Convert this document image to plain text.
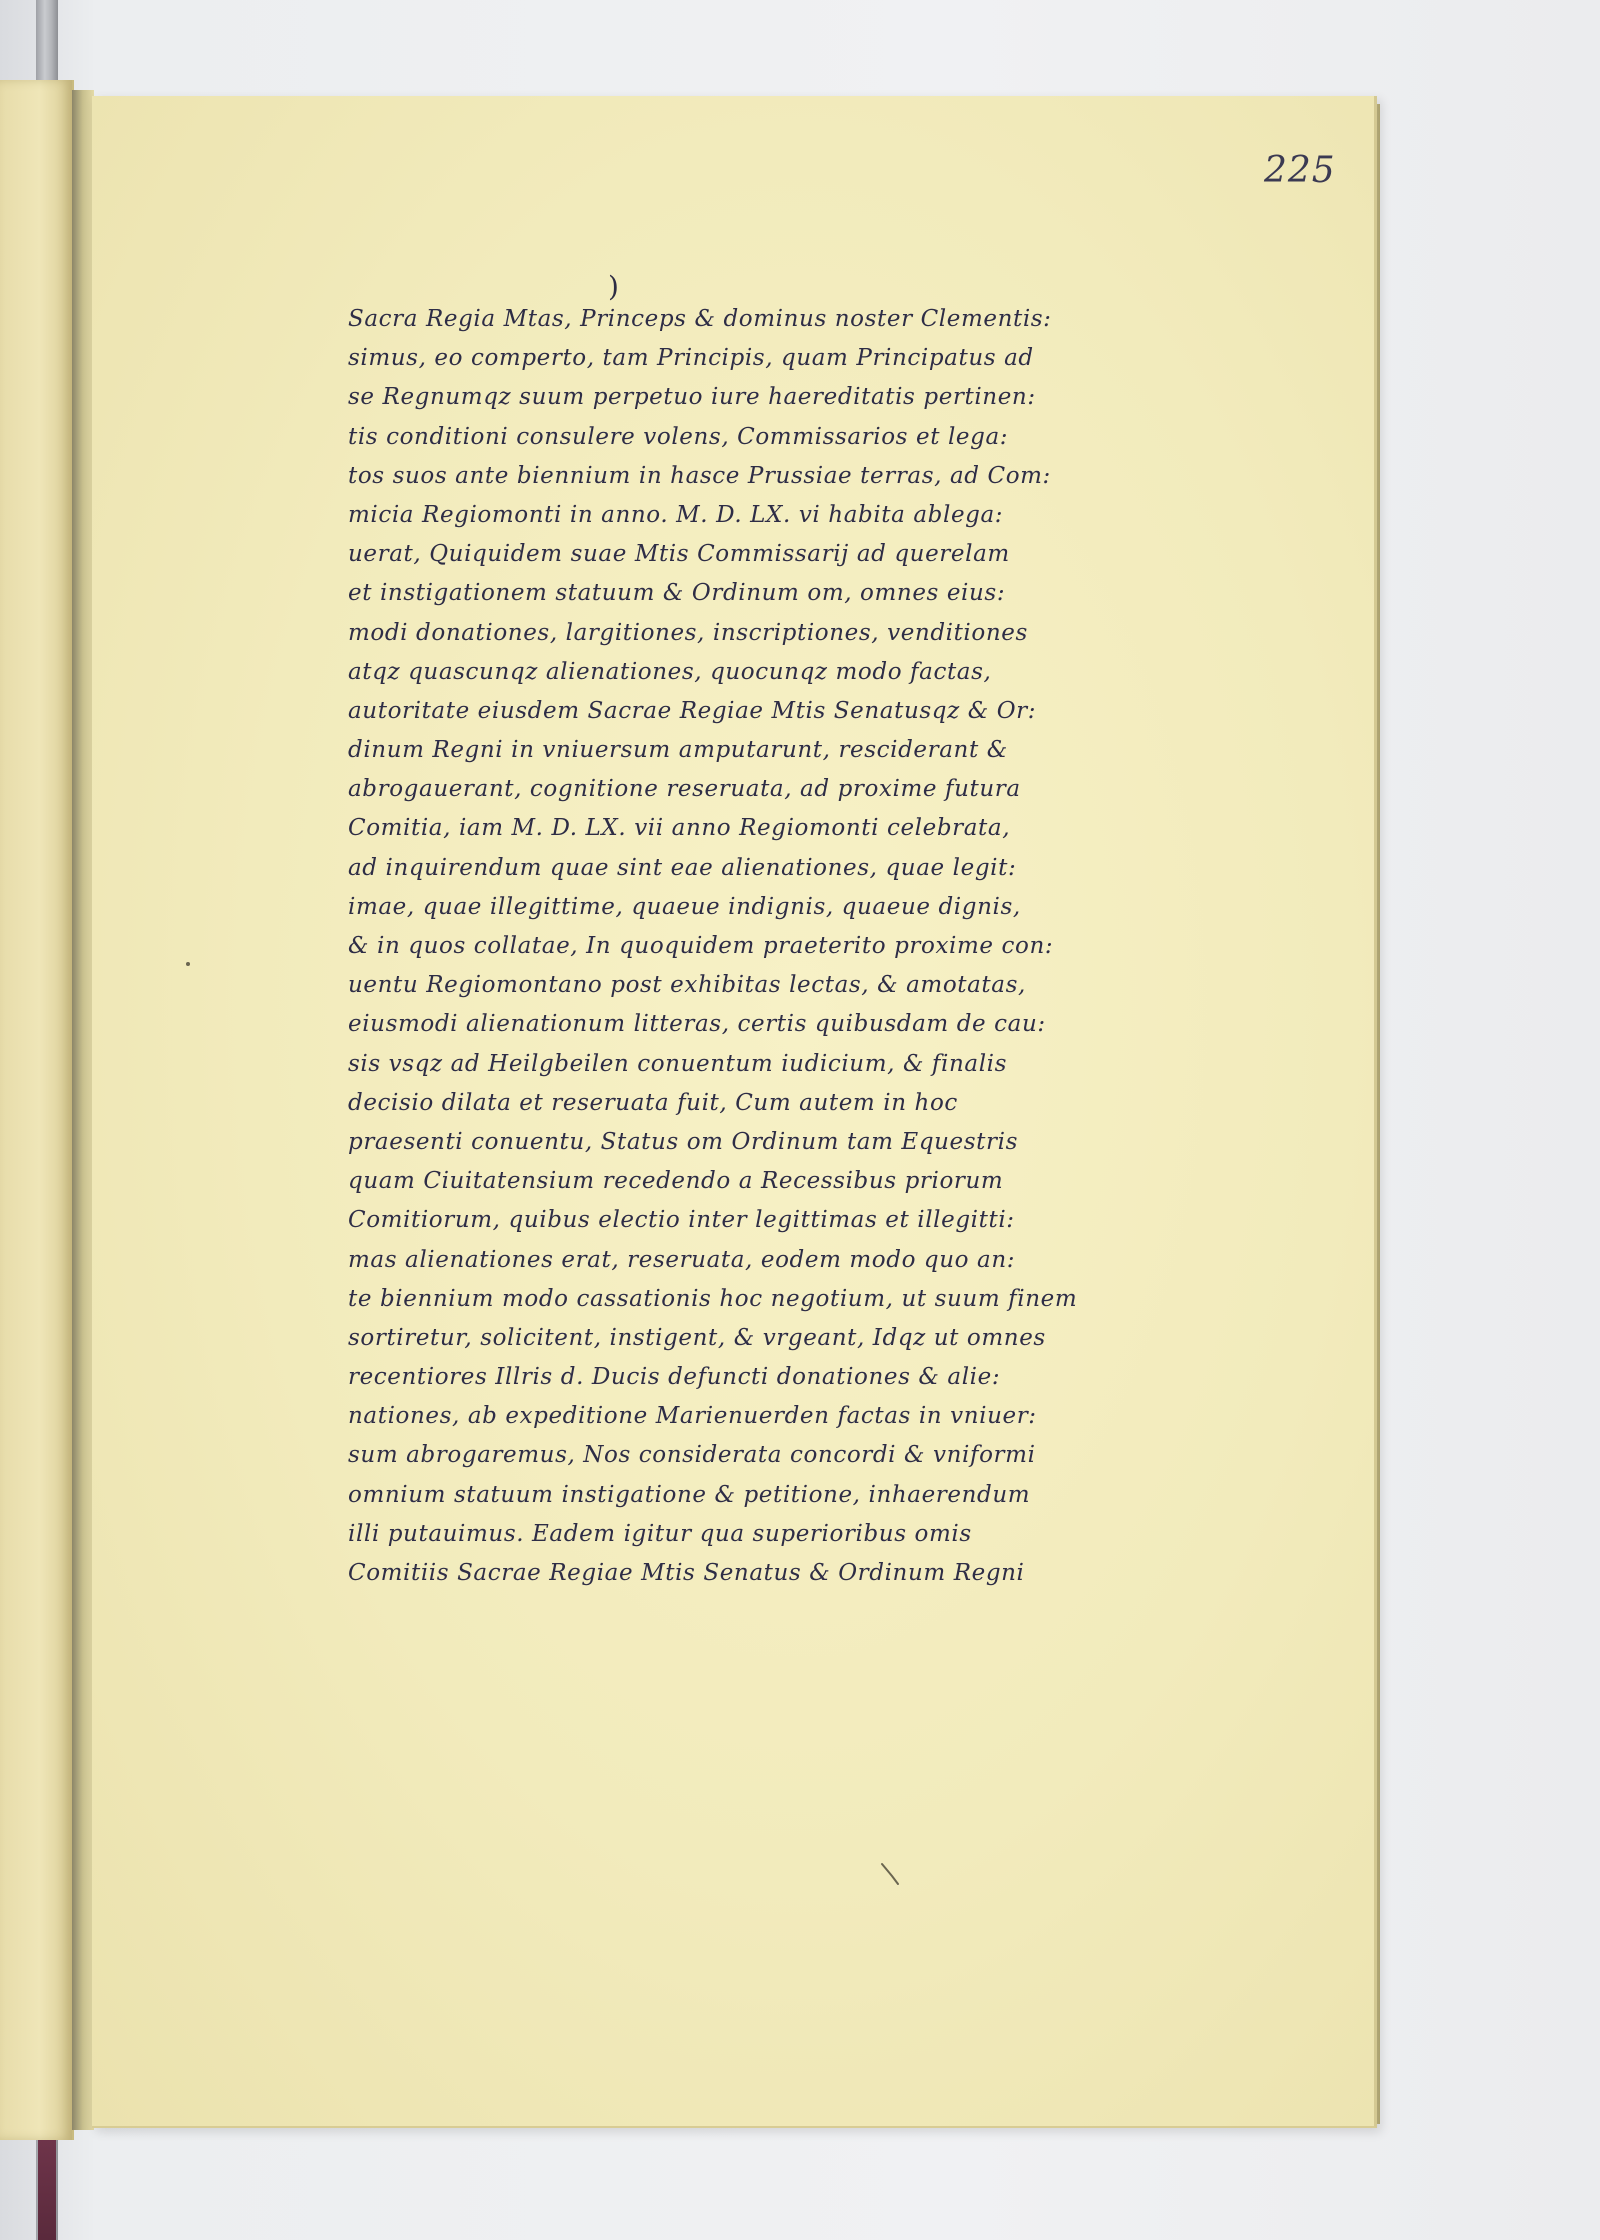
225
)
Sacra Regia Mtas, Princeps & dominus noster Clementis:
simus, eo comperto, tam Principis, quam Principatus ad
se Regnumqz suum perpetuo iure haereditatis pertinen:
tis conditioni consulere volens, Commissarios et lega:
tos suos ante biennium in hasce Prussiae terras, ad Com:
micia Regiomonti in anno. M. D. LX. vi habita ablega:
uerat, Quiquidem suae Mtis Commissarij ad querelam
et instigationem statuum & Ordinum om, omnes eius:
modi donationes, largitiones, inscriptiones, venditiones
atqz quascunqz alienationes, quocunqz modo factas,
autoritate eiusdem Sacrae Regiae Mtis Senatusqz & Or:
dinum Regni in vniuersum amputarunt, resciderant &
abrogauerant, cognitione reseruata, ad proxime futura
Comitia, iam M. D. LX. vii anno Regiomonti celebrata,
ad inquirendum quae sint eae alienationes, quae legit:
imae, quae illegittime, quaeue indignis, quaeue dignis,
& in quos collatae, In quoquidem praeterito proxime con:
uentu Regiomontano post exhibitas lectas, & amotatas,
eiusmodi alienationum litteras, certis quibusdam de cau:
sis vsqz ad Heilgbeilen conuentum iudicium, & finalis
decisio dilata et reseruata fuit, Cum autem in hoc
praesenti conuentu, Status om Ordinum tam Equestris
quam Ciuitatensium recedendo a Recessibus priorum
Comitiorum, quibus electio inter legittimas et illegitti:
mas alienationes erat, reseruata, eodem modo quo an:
te biennium modo cassationis hoc negotium, ut suum finem
sortiretur, solicitent, instigent, & vrgeant, Idqz ut omnes
recentiores Illris d. Ducis defuncti donationes & alie:
nationes, ab expeditione Marienuerden factas in vniuer:
sum abrogaremus, Nos considerata concordi & vniformi
omnium statuum instigatione & petitione, inhaerendum
illi putauimus. Eadem igitur qua superioribus omis
Comitiis Sacrae Regiae Mtis Senatus & Ordinum Regni
